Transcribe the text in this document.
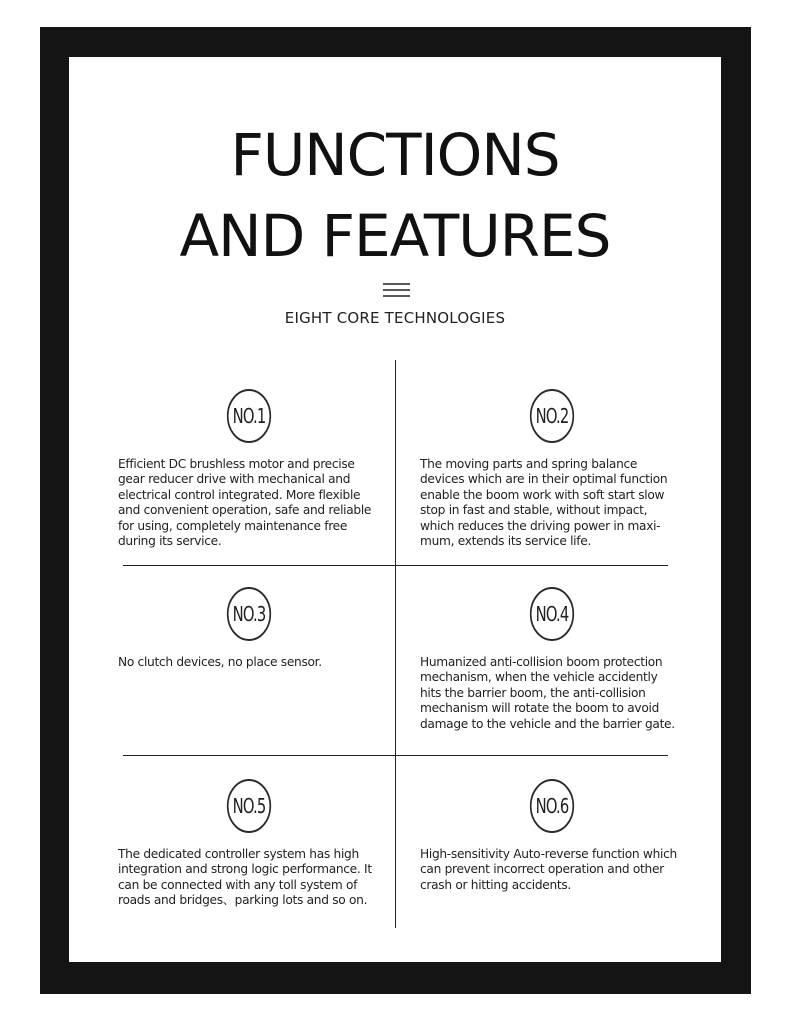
FUNCTIONS
AND FEATURES
EIGHT CORE TECHNOLOGIES
NO.1

Efficient DC brushless motor and precise
gear reducer drive with mechanical and
electrical control integrated. More flexible
and convenient operation, safe and reliable
for using, completely maintenance free
during its service.

NO.2

The moving parts and spring balance
devices which are in their optimal function
enable the boom work with soft start slow
stop in fast and stable, without impact,
which reduces the driving power in maxi-
mum, extends its service life.

NO.3

No clutch devices, no place sensor.

NO.4

Humanized anti-collision boom protection
mechanism, when the vehicle accidently
hits the barrier boom, the anti-collision
mechanism will rotate the boom to avoid
damage to the vehicle and the barrier gate.

NO.5

The dedicated controller system has high
integration and strong logic performance. It
can be connected with any toll system of
roads and bridges、parking lots and so on.

NO.6

High-sensitivity Auto-reverse function which
can prevent incorrect operation and other
crash or hitting accidents.
